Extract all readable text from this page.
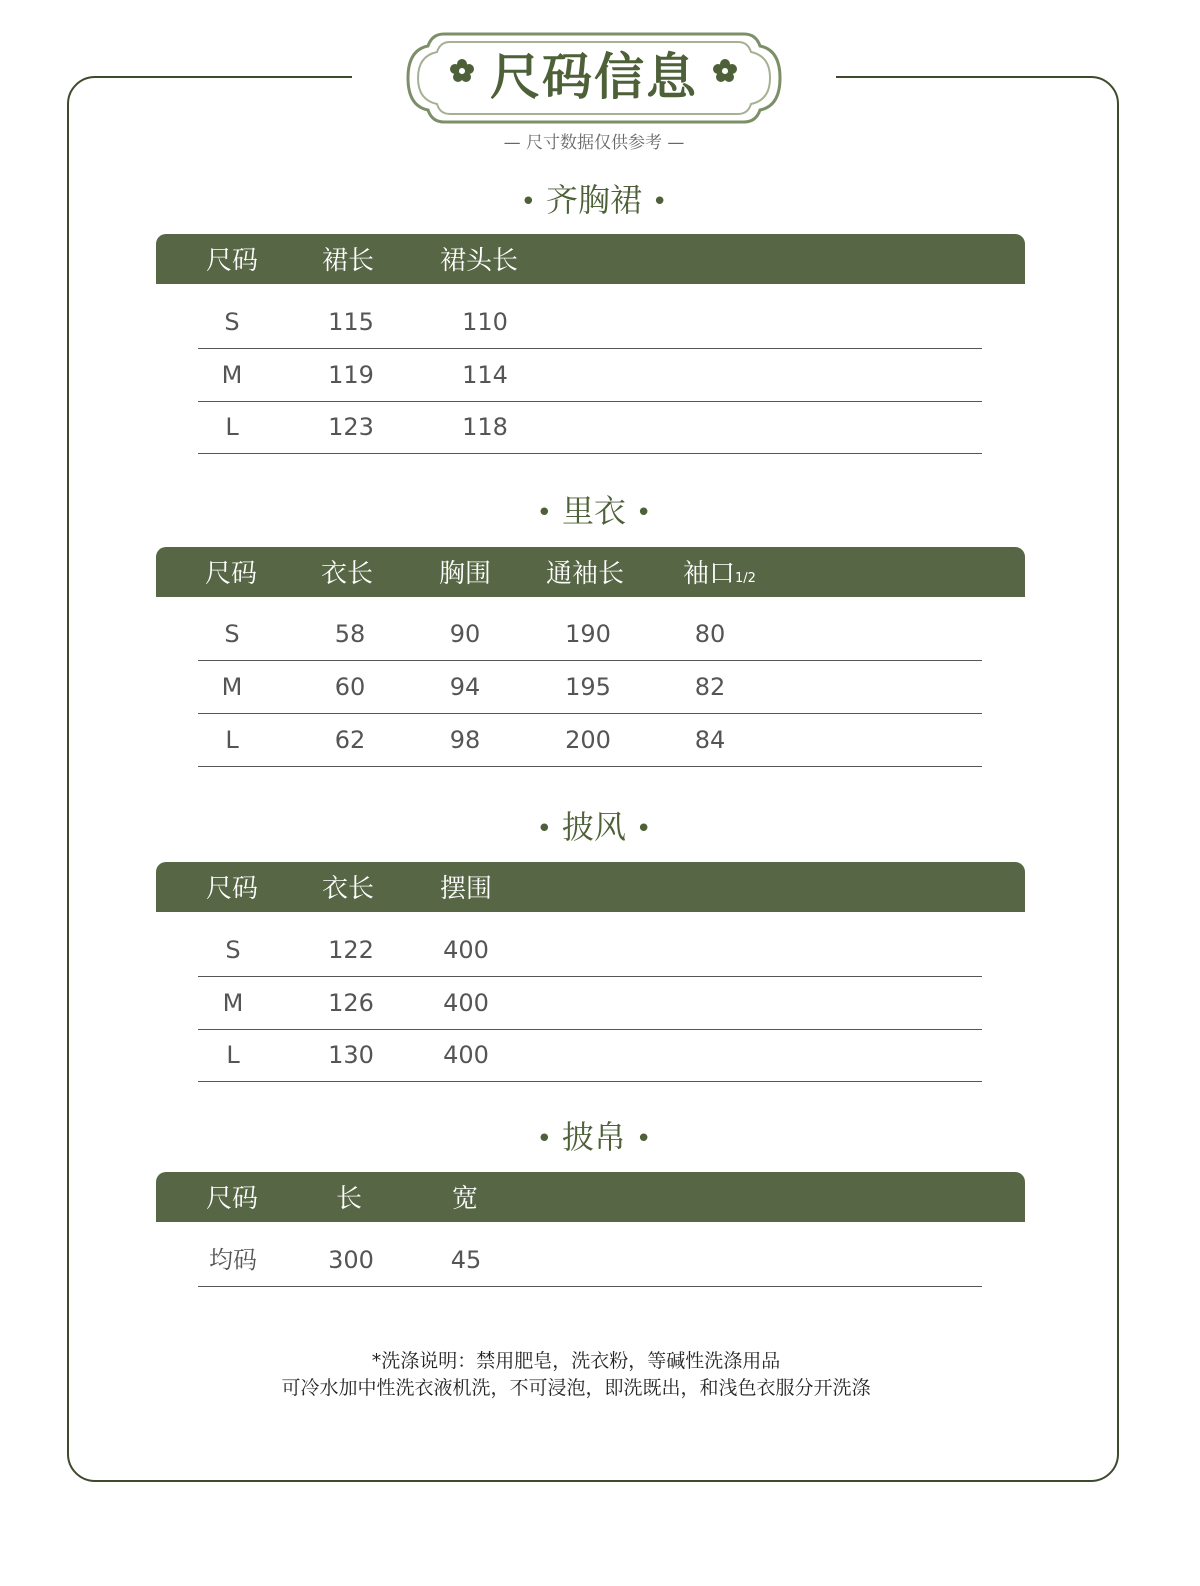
尺码信息
— 尺寸数据仅供参考 —
• 齐胸裙 •
尺码 裙长	裙头长
S	115	110
M	119	114
L	123	118
• 里衣 •
尺码 衣长	胸围 通袖长 袖口1/2
S	58	90	190	80
M	60	94	195	82
L	62	98	200	84
• 披风 •
尺码 衣长	摆围
S	122	400
M	126	400
L	130	400
• 披帛 •
尺码	长	宽
均码	300	45
*洗涤说明：禁用肥皂，洗衣粉，等碱性洗涤用品
可冷水加中性洗衣液机洗，不可浸泡，即洗既出，和浅色衣服分开洗涤
